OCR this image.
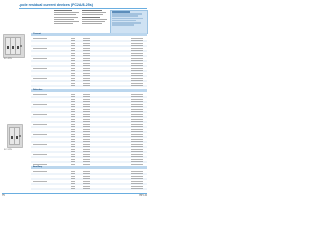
-pole residual current devices (FC2A/8-25s)
FC 4/25
FC 2/25
Current
Selective
Ancillary
75	HP 1 D
